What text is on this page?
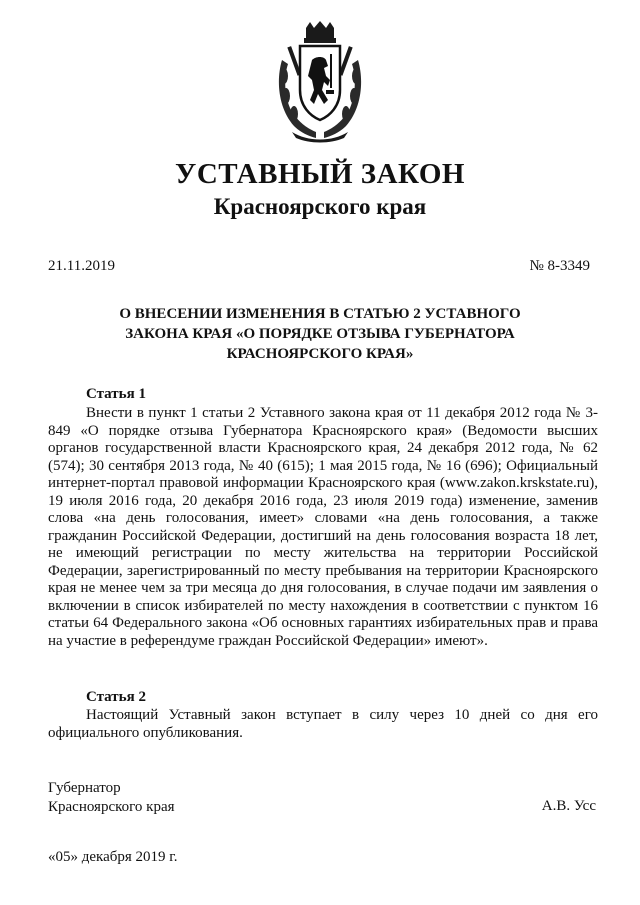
УСТАВНЫЙ ЗАКОН
Красноярского края
21.11.2019	№ 8-3349
О ВНЕСЕНИИ ИЗМЕНЕНИЯ В СТАТЬЮ 2 УСТАВНОГО
ЗАКОНА КРАЯ «О ПОРЯДКЕ ОТЗЫВА ГУБЕРНАТОРА
КРАСНОЯРСКОГО КРАЯ»
Статья 1
Внести в пункт 1 статьи 2 Уставного закона края от 11 декабря 2012 года № 3-849 «О порядке отзыва Губернатора Красноярского края» (Ведомости высших органов государственной власти Красноярского края, 24 декабря 2012 года, № 62 (574); 30 сентября 2013 года, № 40 (615); 1 мая 2015 года, № 16 (696); Официальный интернет-портал правовой информации Красноярского края (www.zakon.krskstate.ru), 19 июля 2016 года, 20 декабря 2016 года, 23 июля 2019 года) изменение, заменив слова «на день голосования, имеет» словами «на день голосования, а также гражданин Российской Федерации, достигший на день голосования возраста 18 лет, не имеющий регистрации по месту жительства на территории Российской Федерации, зарегистрированный по месту пребывания на территории Красноярского края не менее чем за три месяца до дня голосования, в случае подачи им заявления о включении в список избирателей по месту нахождения в соответствии с пунктом 16 статьи 64 Федерального закона «Об основных гарантиях избирательных прав и права на участие в референдуме граждан Российской Федерации» имеют».
Статья 2
Настоящий Уставный закон вступает в силу через 10 дней со дня его официального опубликования.
Губернатор
Красноярского края	А.В. Усс
«05» декабря 2019 г.
